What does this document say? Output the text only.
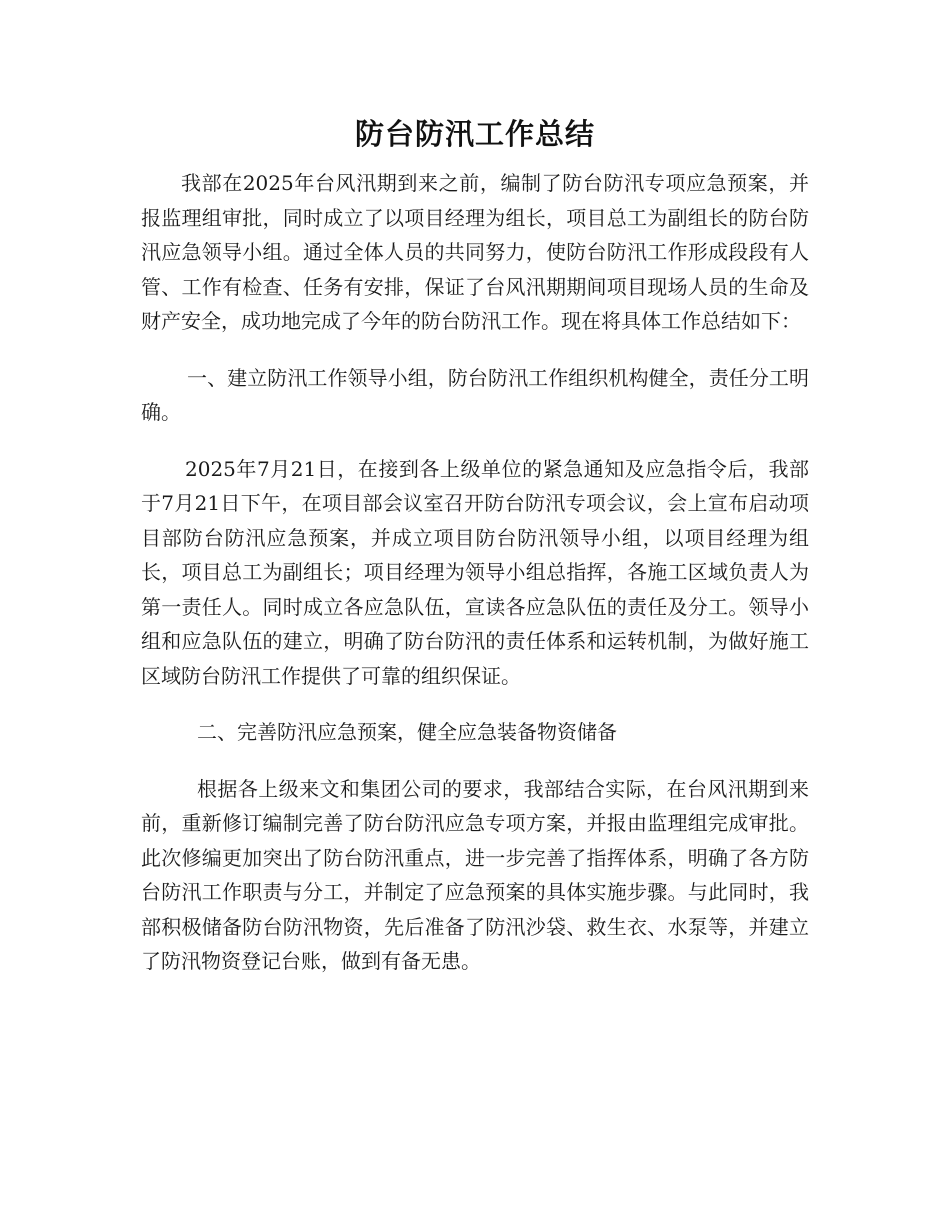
防台防汛工作总结

我部在2025年台风汛期到来之前，编制了防台防汛专项应急预案，并报监理组审批，同时成立了以项目经理为组长，项目总工为副组长的防台防汛应急领导小组。通过全体人员的共同努力，使防台防汛工作形成段段有人管、工作有检查、任务有安排，保证了台风汛期期间项目现场人员的生命及财产安全，成功地完成了今年的防台防汛工作。现在将具体工作总结如下：

一、建立防汛工作领导小组，防台防汛工作组织机构健全，责任分工明确。

2025年7月21日，在接到各上级单位的紧急通知及应急指令后，我部于7月21日下午，在项目部会议室召开防台防汛专项会议，会上宣布启动项目部防台防汛应急预案，并成立项目防台防汛领导小组，以项目经理为组长，项目总工为副组长；项目经理为领导小组总指挥，各施工区域负责人为第一责任人。同时成立各应急队伍，宣读各应急队伍的责任及分工。领导小组和应急队伍的建立，明确了防台防汛的责任体系和运转机制，为做好施工区域防台防汛工作提供了可靠的组织保证。

二、完善防汛应急预案，健全应急装备物资储备

根据各上级来文和集团公司的要求，我部结合实际，在台风汛期到来前，重新修订编制完善了防台防汛应急专项方案，并报由监理组完成审批。此次修编更加突出了防台防汛重点，进一步完善了指挥体系，明确了各方防台防汛工作职责与分工，并制定了应急预案的具体实施步骤。与此同时，我部积极储备防台防汛物资，先后准备了防汛沙袋、救生衣、水泵等，并建立了防汛物资登记台账，做到有备无患。
